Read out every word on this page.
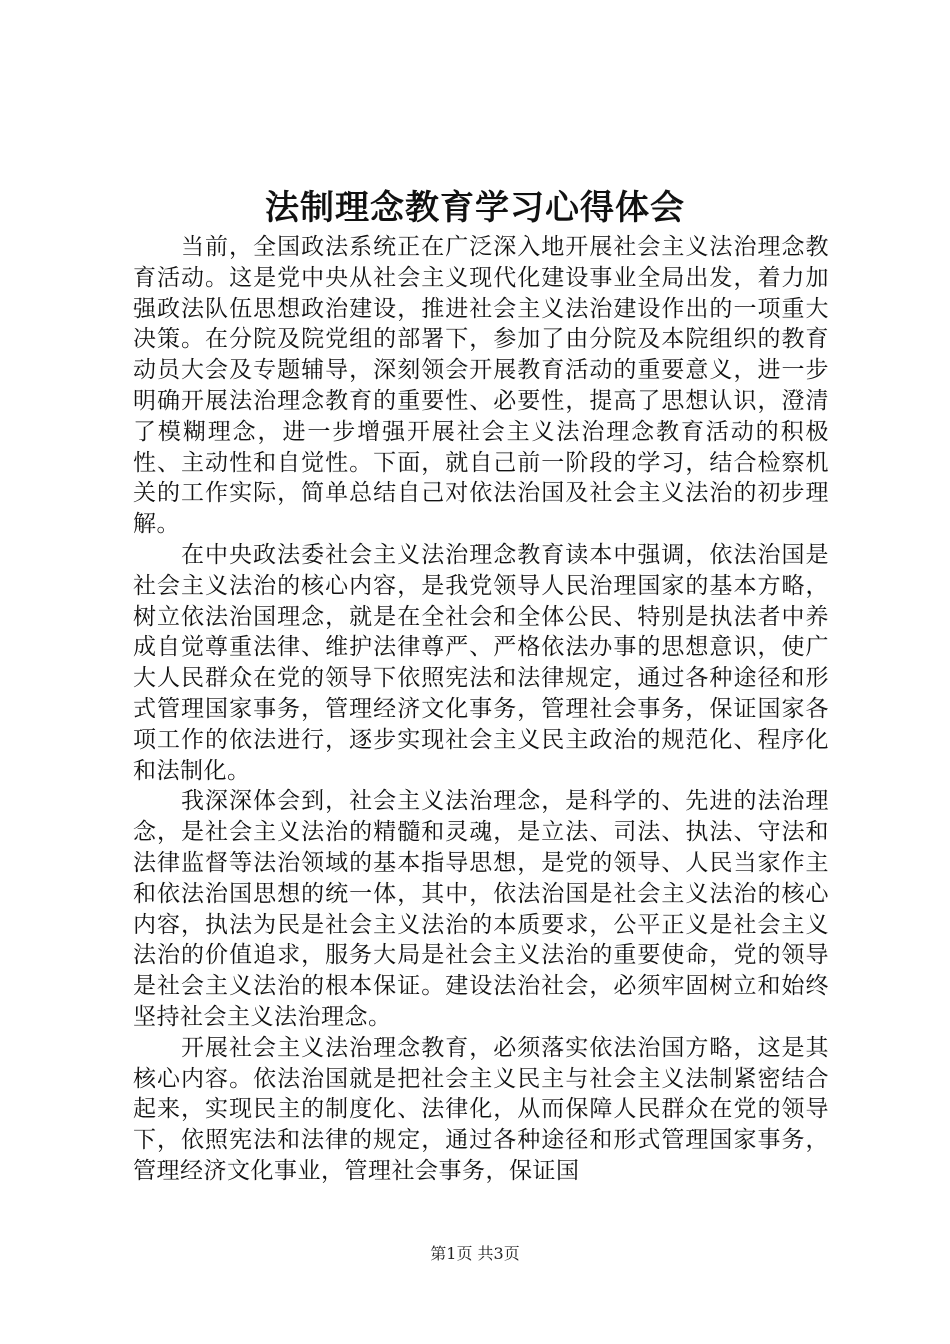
法制理念教育学习心得体会

当前，全国政法系统正在广泛深入地开展社会主义法治理念教育活动。这是党中央从社会主义现代化建设事业全局出发，着力加强政法队伍思想政治建设，推进社会主义法治建设作出的一项重大决策。在分院及院党组的部署下，参加了由分院及本院组织的教育动员大会及专题辅导，深刻领会开展教育活动的重要意义，进一步明确开展法治理念教育的重要性、必要性，提高了思想认识，澄清了模糊理念，进一步增强开展社会主义法治理念教育活动的积极性、主动性和自觉性。下面，就自己前一阶段的学习，结合检察机关的工作实际，简单总结自己对依法治国及社会主义法治的初步理解。

在中央政法委社会主义法治理念教育读本中强调，依法治国是社会主义法治的核心内容，是我党领导人民治理国家的基本方略，树立依法治国理念，就是在全社会和全体公民、特别是执法者中养成自觉尊重法律、维护法律尊严、严格依法办事的思想意识，使广大人民群众在党的领导下依照宪法和法律规定，通过各种途径和形式管理国家事务，管理经济文化事务，管理社会事务，保证国家各项工作的依法进行，逐步实现社会主义民主政治的规范化、程序化和法制化。

我深深体会到，社会主义法治理念，是科学的、先进的法治理念，是社会主义法治的精髓和灵魂，是立法、司法、执法、守法和法律监督等法治领域的基本指导思想，是党的领导、人民当家作主和依法治国思想的统一体，其中，依法治国是社会主义法治的核心内容，执法为民是社会主义法治的本质要求，公平正义是社会主义法治的价值追求，服务大局是社会主义法治的重要使命，党的领导是社会主义法治的根本保证。建设法治社会，必须牢固树立和始终坚持社会主义法治理念。

开展社会主义法治理念教育，必须落实依法治国方略，这是其核心内容。依法治国就是把社会主义民主与社会主义法制紧密结合起来，实现民主的制度化、法律化，从而保障人民群众在党的领导下，依照宪法和法律的规定，通过各种途径和形式管理国家事务，管理经济文化事业，管理社会事务，保证国

第1页 共3页
